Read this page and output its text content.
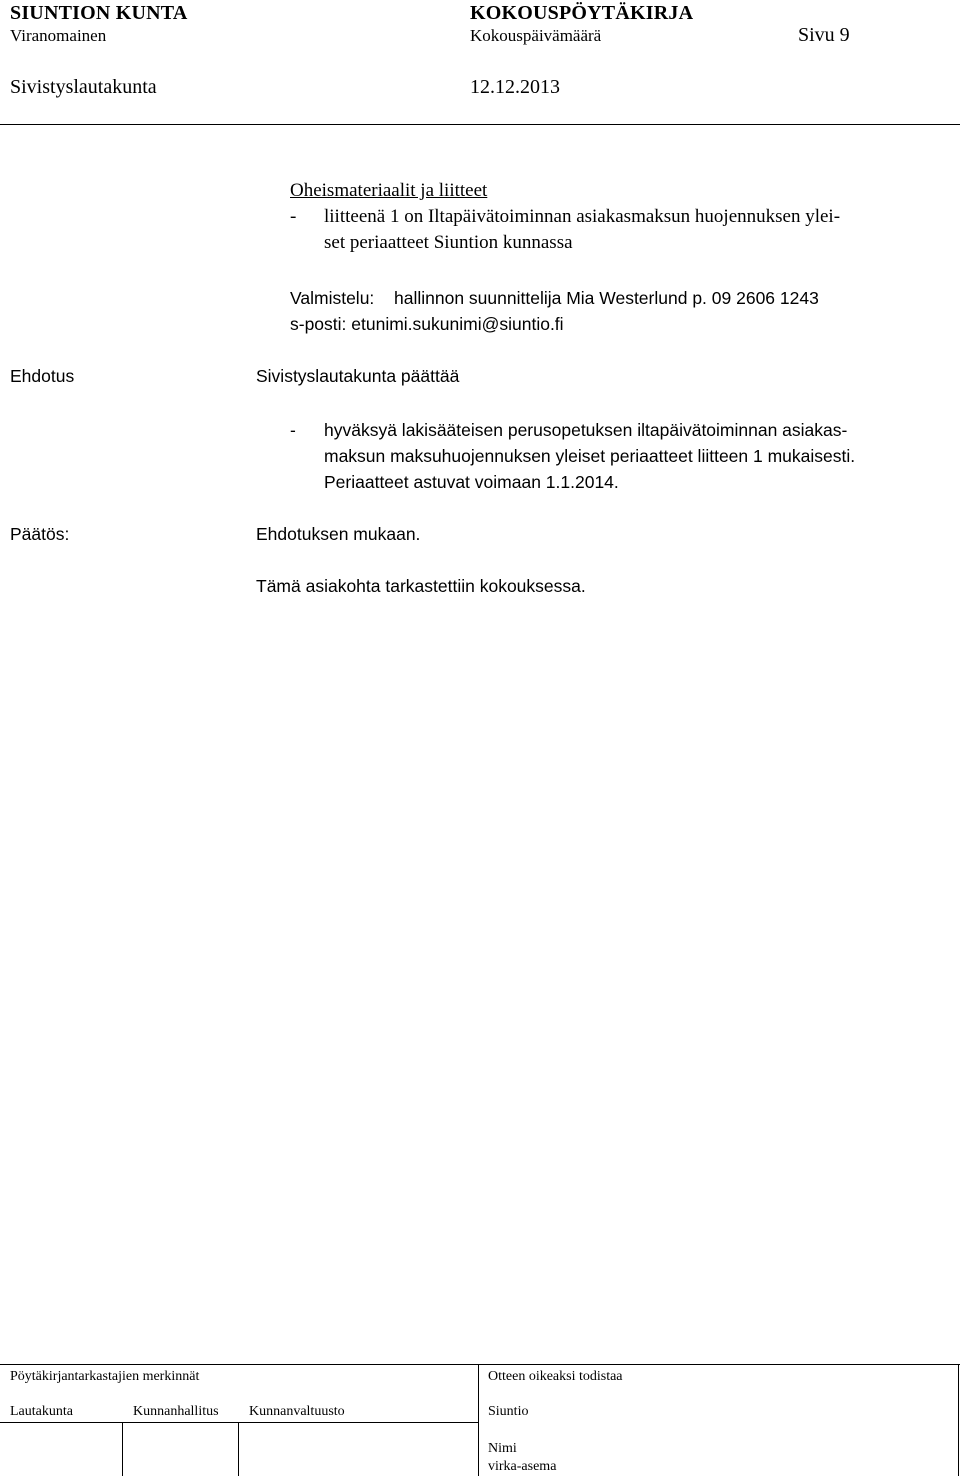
SIUNTION KUNTA	KOKOUSPÖYTÄKIRJA
Viranomainen	Kokouspäivämäärä	Sivu 9
Sivistyslautakunta	12.12.2013
Oheismateriaalit ja liitteet
- liitteenä 1 on Iltapäivätoiminnan asiakasmaksun huojennuksen ylei-
set periaatteet Siuntion kunnassa
Valmistelu: hallinnon suunnittelija Mia Westerlund p. 09 2606 1243
s-posti: etunimi.sukunimi@siuntio.fi
Ehdotus	Sivistyslautakunta päättää
- hyväksyä lakisääteisen perusopetuksen iltapäivätoiminnan asiakas-
maksun maksuhuojennuksen yleiset periaatteet liitteen 1 mukaisesti.
Periaatteet astuvat voimaan 1.1.2014.
Päätös:	Ehdotuksen mukaan.
Tämä asiakohta tarkastettiin kokouksessa.
Pöytäkirjantarkastajien merkinnät	Otteen oikeaksi todistaa
Lautakunta	Kunnanhallitus Kunnanvaltuusto	Siuntio
Nimi
virka-asema
